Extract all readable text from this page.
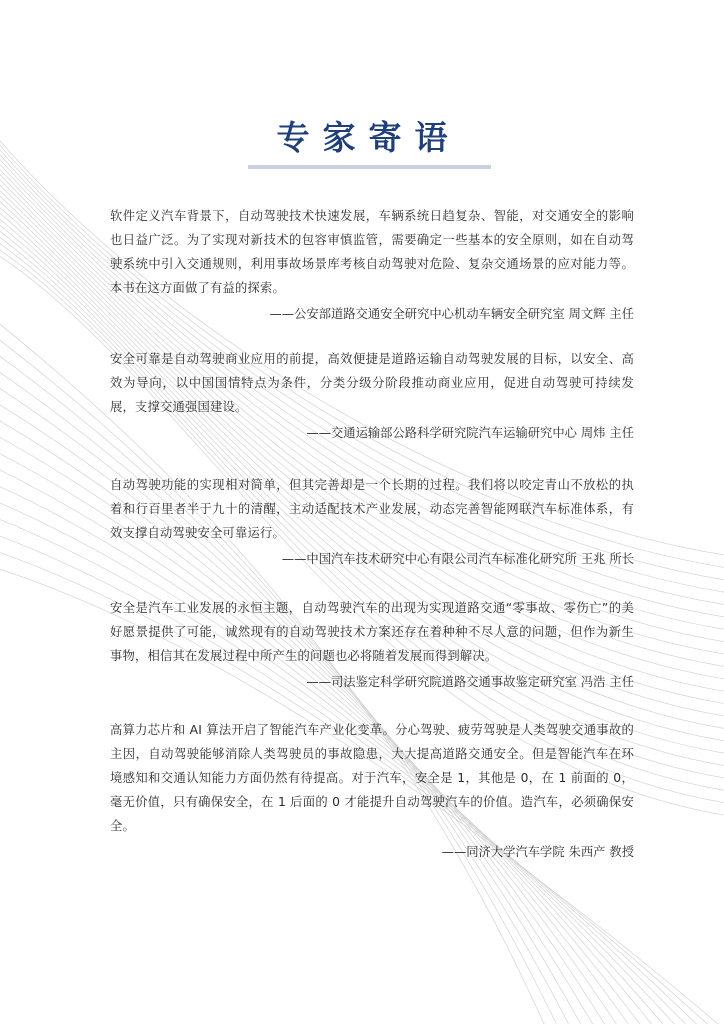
专家寄语

软件定义汽车背景下，自动驾驶技术快速发展，车辆系统日趋复杂、智能，对交通安全的影响也日益广泛。为了实现对新技术的包容审慎监管，需要确定一些基本的安全原则，如在自动驾驶系统中引入交通规则，利用事故场景库考核自动驾驶对危险、复杂交通场景的应对能力等。本书在这方面做了有益的探索。

——公安部道路交通安全研究中心机动车辆安全研究室 周文辉 主任

安全可靠是自动驾驶商业应用的前提，高效便捷是道路运输自动驾驶发展的目标，以安全、高效为导向，以中国国情特点为条件，分类分级分阶段推动商业应用，促进自动驾驶可持续发展，支撑交通强国建设。

——交通运输部公路科学研究院汽车运输研究中心 周炜 主任

自动驾驶功能的实现相对简单，但其完善却是一个长期的过程。我们将以咬定青山不放松的执着和行百里者半于九十的清醒，主动适配技术产业发展，动态完善智能网联汽车标准体系，有效支撑自动驾驶安全可靠运行。

——中国汽车技术研究中心有限公司汽车标准化研究所 王兆 所长

安全是汽车工业发展的永恒主题，自动驾驶汽车的出现为实现道路交通“零事故、零伤亡”的美好愿景提供了可能，诚然现有的自动驾驶技术方案还存在着种种不尽人意的问题，但作为新生事物，相信其在发展过程中所产生的问题也必将随着发展而得到解决。

——司法鉴定科学研究院道路交通事故鉴定研究室 冯浩 主任

高算力芯片和 AI 算法开启了智能汽车产业化变革。分心驾驶、疲劳驾驶是人类驾驶交通事故的主因，自动驾驶能够消除人类驾驶员的事故隐患，大大提高道路交通安全。但是智能汽车在环境感知和交通认知能力方面仍然有待提高。对于汽车，安全是 1，其他是 0，在 1 前面的 0，毫无价值，只有确保安全，在 1 后面的 0 才能提升自动驾驶汽车的价值。造汽车，必须确保安全。

——同济大学汽车学院 朱西产 教授
